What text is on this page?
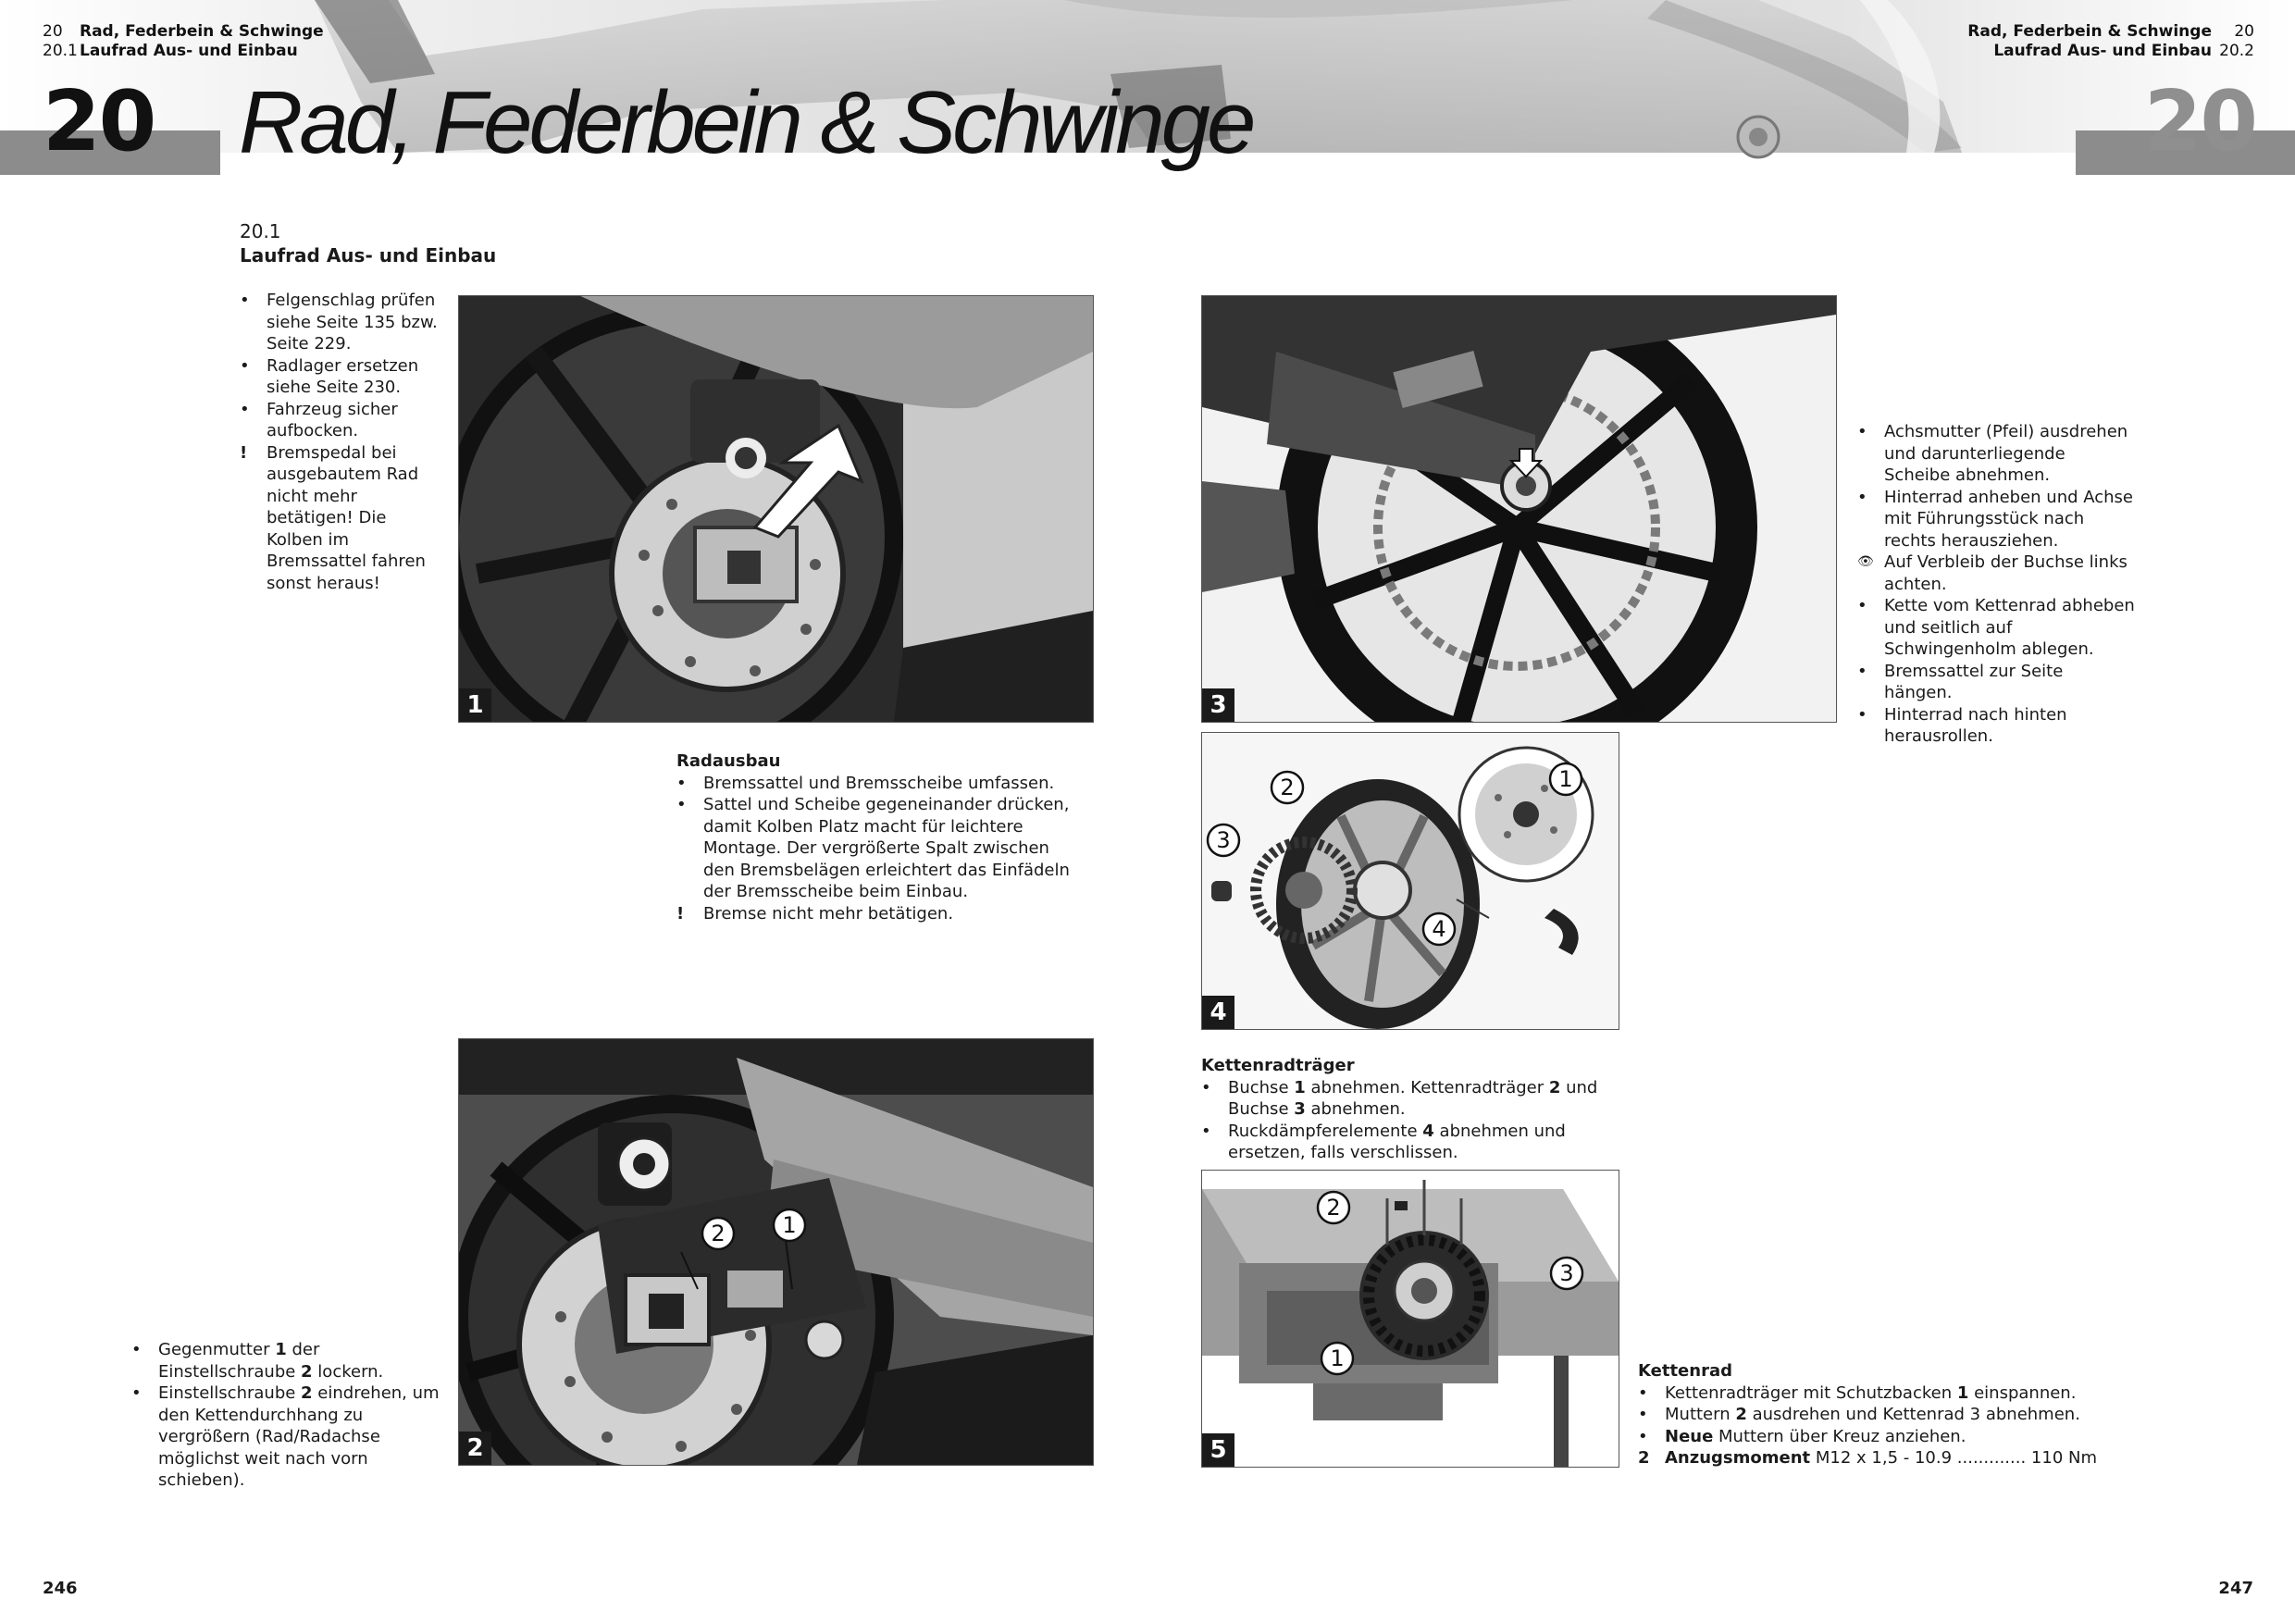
20 Rad, Federbein & Schwinge
20.1 Laufrad Aus- und Einbau
Rad, Federbein & Schwinge 20
Laufrad Aus- und Einbau 20.2
20	20
Rad, Federbein & Schwinge
20.1
Laufrad Aus- und Einbau
•	Felgenschlag prüfen siehe Seite 135 bzw. Seite 229.
•	Radlager ersetzen siehe Seite 230.
•	Fahrzeug sicher aufbocken.
!	Bremspedal bei ausgebautem Rad nicht mehr betätigen! Die Kolben im Bremssattel fahren sonst heraus!
1	3
•	Achsmutter (Pfeil) ausdrehen und darunterliegende Scheibe abnehmen.
•	Hinterrad anheben und Achse mit Führungsstück nach rechts herausziehen.
👁 Auf Verbleib der Buchse links achten.
•	Kette vom Kettenrad abheben und seitlich auf Schwingenholm ablegen.
•	Bremssattel zur Seite hängen.
•	Hinterrad nach hinten herausrollen.
Radausbau
•	Bremssattel und Bremsscheibe umfassen.
•	Sattel und Scheibe gegeneinander drücken, damit Kolben Platz macht für leichtere Montage. Der vergrößerte Spalt zwischen den Bremsbelägen erleichtert das Einfädeln der Bremsscheibe beim Einbau.
!	Bremse nicht mehr betätigen.
4
2
Kettenradträger
•	Buchse 1 abnehmen. Kettenradträger 2 und
Buchse 3 abnehmen.
•	Ruckdämpferelemente 4 abnehmen und ersetzen, falls verschlissen.
5
•	Gegenmutter 1 der Einstellschraube 2 lockern.
•	Einstellschraube 2 eindrehen, um den Kettendurchhang zu vergrößern (Rad/Radachse möglichst weit nach vorn schieben).
Kettenrad
•	Kettenradträger mit Schutzbacken 1 einspannen.
•	Muttern 2 ausdrehen und Kettenrad 3 abnehmen.
•	Neue Muttern über Kreuz anziehen.
2 Anzugsmoment M12 x 1,5 - 10.9 ............. 110 Nm
1
2
1
2
3
4
1
2
3
246	247
